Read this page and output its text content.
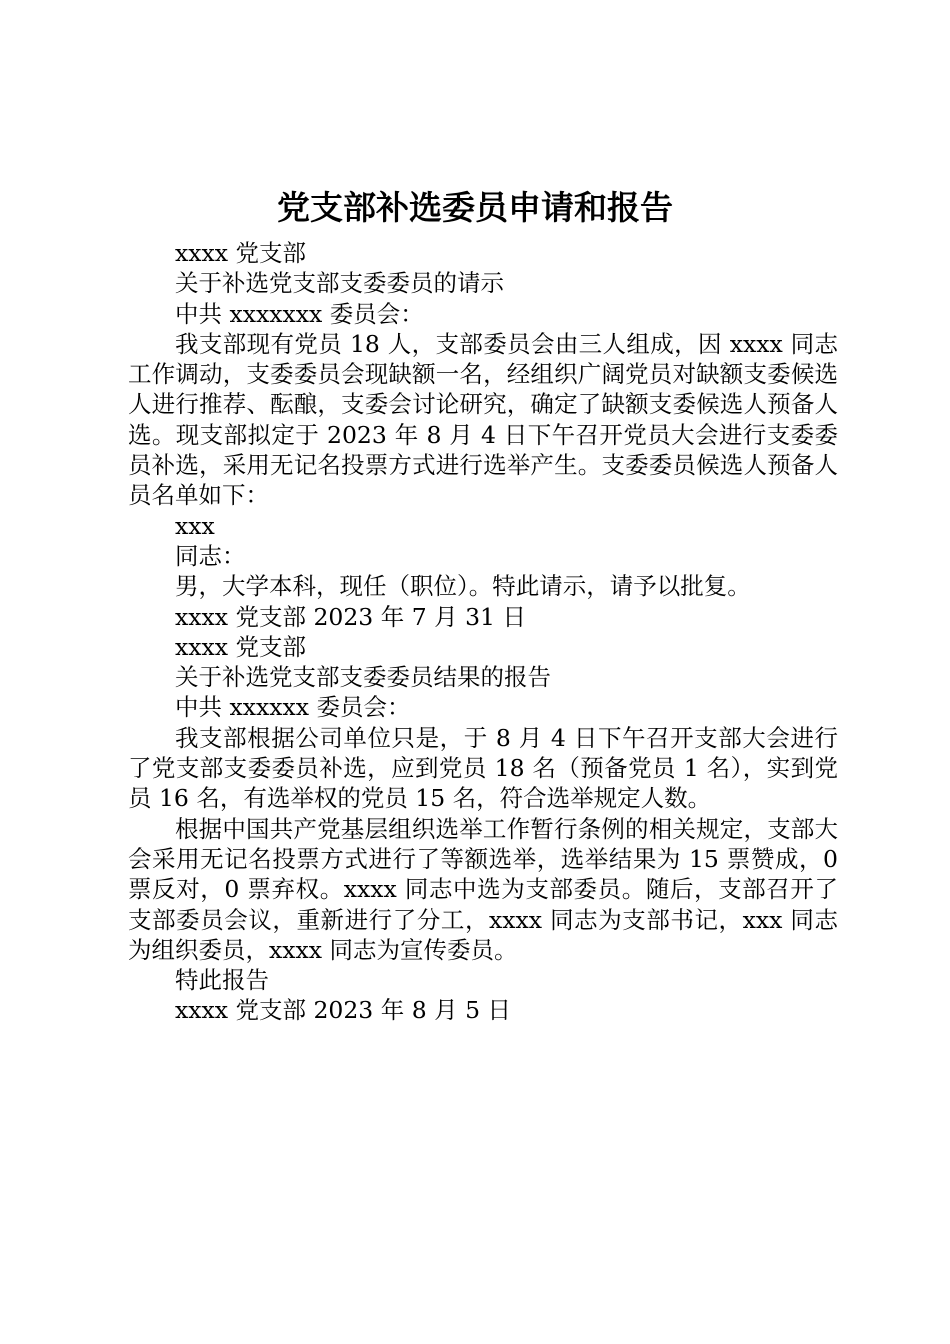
党支部补选委员申请和报告

xxxx 党支部

关于补选党支部支委委员的请示

中共 xxxxxxx 委员会：

我支部现有党员 18 人，支部委员会由三人组成，因 xxxx 同志工作调动，支委委员会现缺额一名，经组织广阔党员对缺额支委候选人进行推荐、酝酿，支委会讨论研究，确定了缺额支委候选人预备人选。现支部拟定于 2023 年 8 月 4 日下午召开党员大会进行支委委员补选，采用无记名投票方式进行选举产生。支委委员候选人预备人员名单如下：

xxx

同志：

男，大学本科，现任（职位）。特此请示，请予以批复。

xxxx 党支部 2023 年 7 月 31 日

xxxx 党支部

关于补选党支部支委委员结果的报告

中共 xxxxxx 委员会：

我支部根据公司单位只是，于 8 月 4 日下午召开支部大会进行了党支部支委委员补选，应到党员 18 名（预备党员 1 名），实到党员 16 名，有选举权的党员 15 名，符合选举规定人数。

根据中国共产党基层组织选举工作暂行条例的相关规定，支部大会采用无记名投票方式进行了等额选举，选举结果为 15 票赞成，0 票反对，0 票弃权。xxxx 同志中选为支部委员。随后，支部召开了支部委员会议，重新进行了分工，xxxx 同志为支部书记，xxx 同志为组织委员，xxxx 同志为宣传委员。

特此报告

xxxx 党支部 2023 年 8 月 5 日
